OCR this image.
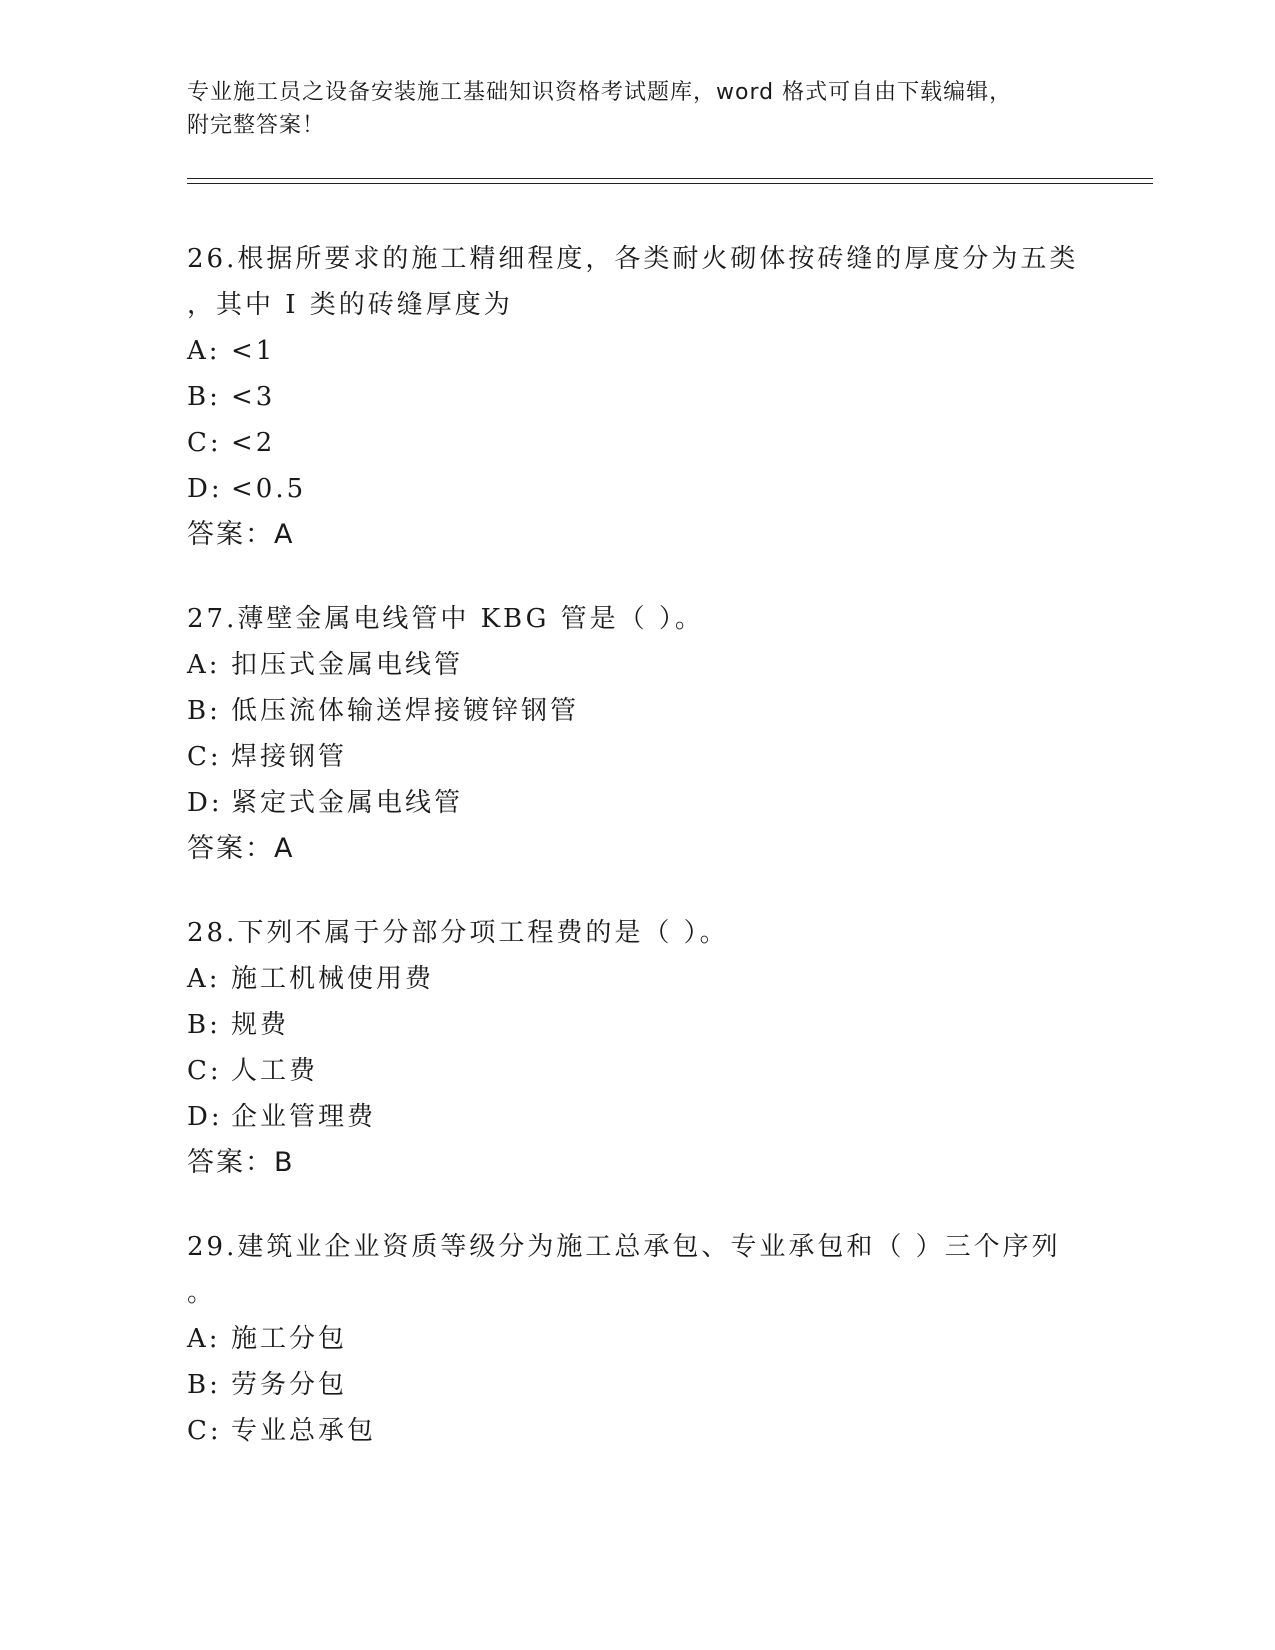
专业施工员之设备安装施工基础知识资格考试题库，word 格式可自由下载编辑，
附完整答案！
26.根据所要求的施工精细程度，各类耐火砌体按砖缝的厚度分为五类
，其中 I 类的砖缝厚度为
A: <1
B: <3
C: <2
D: <0.5
答案：A
27.薄壁金属电线管中 KBG 管是（ ）。
A: 扣压式金属电线管
B: 低压流体输送焊接镀锌钢管
C: 焊接钢管
D: 紧定式金属电线管
答案：A
28.下列不属于分部分项工程费的是（ ）。
A: 施工机械使用费
B: 规费
C: 人工费
D: 企业管理费
答案：B
29.建筑业企业资质等级分为施工总承包、专业承包和（ ）三个序列
。
A: 施工分包
B: 劳务分包
C: 专业总承包
